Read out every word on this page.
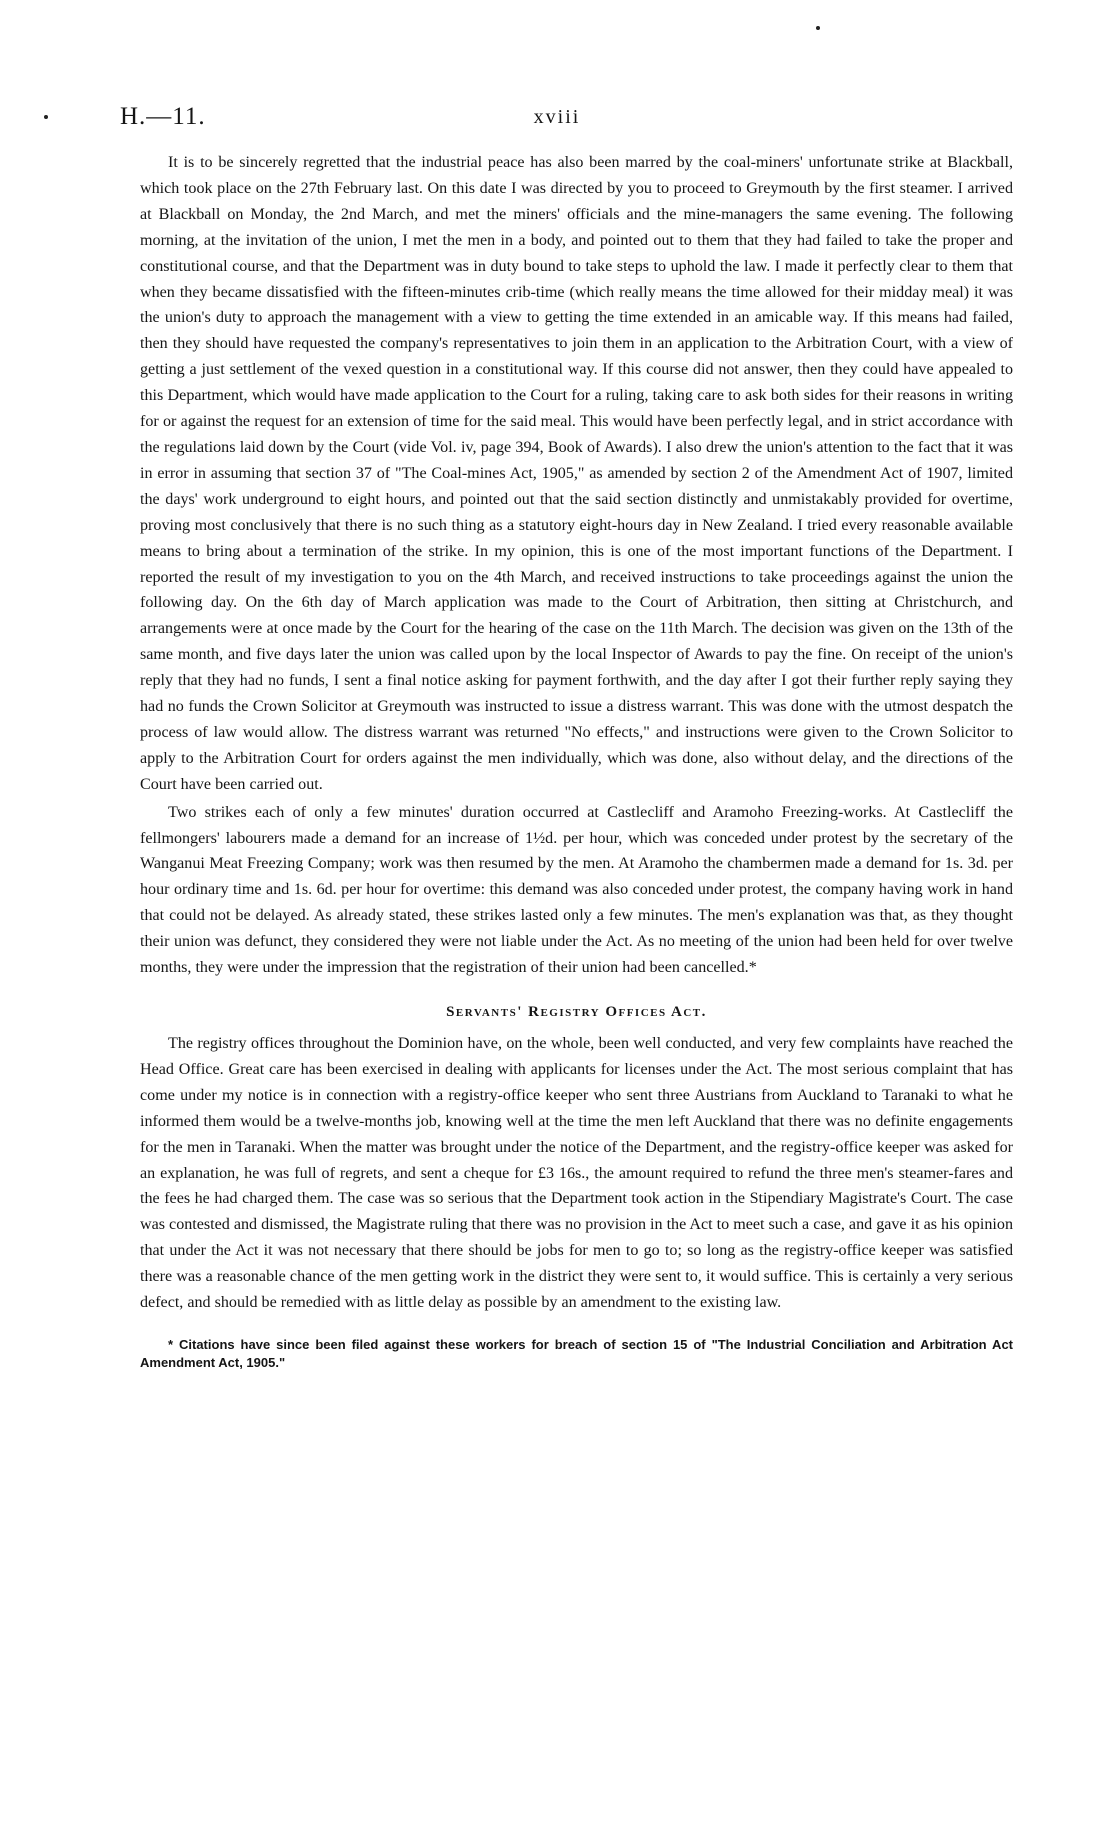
H.—11.	xviii

It is to be sincerely regretted that the industrial peace has also been marred by the coal-miners' unfortunate strike at Blackball, which took place on the 27th February last. On this date I was directed by you to proceed to Greymouth by the first steamer. I arrived at Blackball on Monday, the 2nd March, and met the miners' officials and the mine-managers the same evening. The following morning, at the invitation of the union, I met the men in a body, and pointed out to them that they had failed to take the proper and constitutional course, and that the Department was in duty bound to take steps to uphold the law. I made it perfectly clear to them that when they became dissatisfied with the fifteen-minutes crib-time (which really means the time allowed for their midday meal) it was the union's duty to approach the management with a view to getting the time extended in an amicable way. If this means had failed, then they should have requested the company's representatives to join them in an application to the Arbitration Court, with a view of getting a just settlement of the vexed question in a constitutional way. If this course did not answer, then they could have appealed to this Department, which would have made application to the Court for a ruling, taking care to ask both sides for their reasons in writing for or against the request for an extension of time for the said meal. This would have been perfectly legal, and in strict accordance with the regulations laid down by the Court (vide Vol. iv, page 394, Book of Awards). I also drew the union's attention to the fact that it was in error in assuming that section 37 of "The Coal-mines Act, 1905," as amended by section 2 of the Amendment Act of 1907, limited the days' work underground to eight hours, and pointed out that the said section distinctly and unmistakably provided for overtime, proving most conclusively that there is no such thing as a statutory eight-hours day in New Zealand. I tried every reasonable available means to bring about a termination of the strike. In my opinion, this is one of the most important functions of the Department. I reported the result of my investigation to you on the 4th March, and received instructions to take proceedings against the union the following day. On the 6th day of March application was made to the Court of Arbitration, then sitting at Christchurch, and arrangements were at once made by the Court for the hearing of the case on the 11th March. The decision was given on the 13th of the same month, and five days later the union was called upon by the local Inspector of Awards to pay the fine. On receipt of the union's reply that they had no funds, I sent a final notice asking for payment forthwith, and the day after I got their further reply saying they had no funds the Crown Solicitor at Greymouth was instructed to issue a distress warrant. This was done with the utmost despatch the process of law would allow. The distress warrant was returned "No effects," and instructions were given to the Crown Solicitor to apply to the Arbitration Court for orders against the men individually, which was done, also without delay, and the directions of the Court have been carried out.

Two strikes each of only a few minutes' duration occurred at Castlecliff and Aramoho Freezing-works. At Castlecliff the fellmongers' labourers made a demand for an increase of 1½d. per hour, which was conceded under protest by the secretary of the Wanganui Meat Freezing Company; work was then resumed by the men. At Aramoho the chambermen made a demand for 1s. 3d. per hour ordinary time and 1s. 6d. per hour for overtime: this demand was also conceded under protest, the company having work in hand that could not be delayed. As already stated, these strikes lasted only a few minutes. The men's explanation was that, as they thought their union was defunct, they considered they were not liable under the Act. As no meeting of the union had been held for over twelve months, they were under the impression that the registration of their union had been cancelled.*

Servants' Registry Offices Act.

The registry offices throughout the Dominion have, on the whole, been well conducted, and very few complaints have reached the Head Office. Great care has been exercised in dealing with applicants for licenses under the Act. The most serious complaint that has come under my notice is in connection with a registry-office keeper who sent three Austrians from Auckland to Taranaki to what he informed them would be a twelve-months job, knowing well at the time the men left Auckland that there was no definite engagements for the men in Taranaki. When the matter was brought under the notice of the Department, and the registry-office keeper was asked for an explanation, he was full of regrets, and sent a cheque for £3 16s., the amount required to refund the three men's steamer-fares and the fees he had charged them. The case was so serious that the Department took action in the Stipendiary Magistrate's Court. The case was contested and dismissed, the Magistrate ruling that there was no provision in the Act to meet such a case, and gave it as his opinion that under the Act it was not necessary that there should be jobs for men to go to; so long as the registry-office keeper was satisfied there was a reasonable chance of the men getting work in the district they were sent to, it would suffice. This is certainly a very serious defect, and should be remedied with as little delay as possible by an amendment to the existing law.

* Citations have since been filed against these workers for breach of section 15 of "The Industrial Conciliation and Arbitration Act Amendment Act, 1905."
